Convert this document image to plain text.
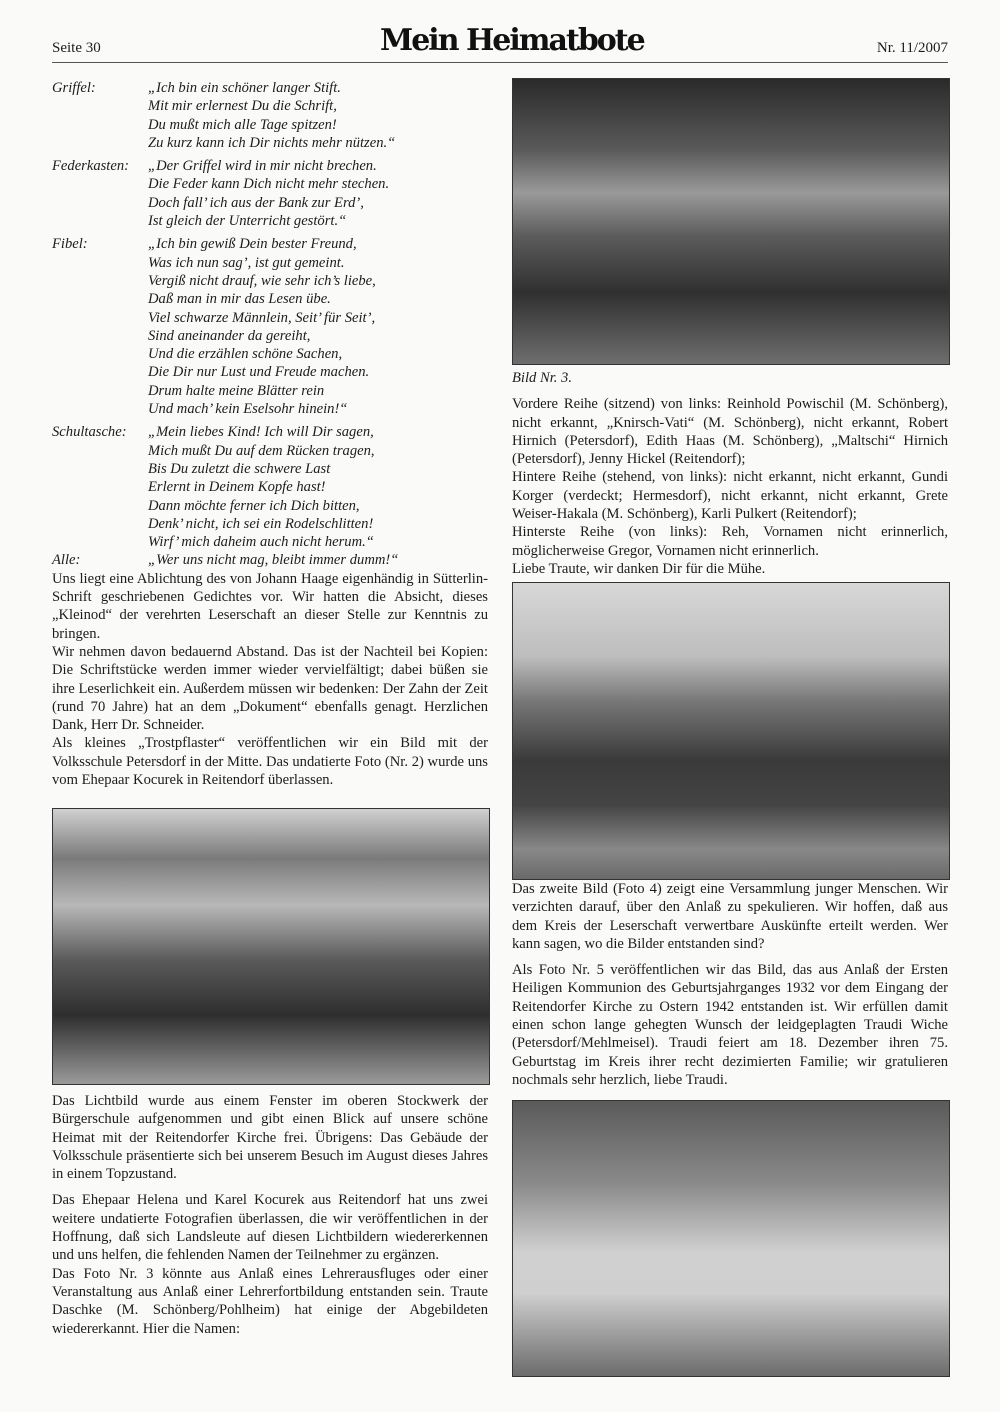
Seite 30	Mein Heimatbote	Nr. 11/2007
Griffel:	„Ich bin ein schöner langer Stift.
Mit mir erlernest Du die Schrift,
Du mußt mich alle Tage spitzen!
Zu kurz kann ich Dir nichts mehr nützen.“
Federkasten:	„Der Griffel wird in mir nicht brechen.
Die Feder kann Dich nicht mehr stechen.
Doch fall’ ich aus der Bank zur Erd’,
Ist gleich der Unterricht gestört.“
Fibel:	„Ich bin gewiß Dein bester Freund,
Was ich nun sag’, ist gut gemeint.
Vergiß nicht drauf, wie sehr ich’s liebe,
Daß man in mir das Lesen übe.
Viel schwarze Männlein, Seit’ für Seit’,
Sind aneinander da gereiht,
Und die erzählen schöne Sachen,
Die Dir nur Lust und Freude machen.
Drum halte meine Blätter rein
Und mach’ kein Eselsohr hinein!“
Schultasche:	„Mein liebes Kind! Ich will Dir sagen,
Mich mußt Du auf dem Rücken tragen,
Bis Du zuletzt die schwere Last
Erlernt in Deinem Kopfe hast!
Dann möchte ferner ich Dich bitten,
Denk’ nicht, ich sei ein Rodelschlitten!
Wirf’ mich daheim auch nicht herum.“
Alle:	„Wer uns nicht mag, bleibt immer dumm!“

Uns liegt eine Ablichtung des von Johann Haage eigenhändig in Sütterlin-Schrift geschriebenen Gedichtes vor. Wir hatten die Absicht, dieses „Kleinod“ der verehrten Leserschaft an dieser Stelle zur Kenntnis zu bringen.

Wir nehmen davon bedauernd Abstand. Das ist der Nachteil bei Kopien: Die Schriftstücke werden immer wieder vervielfältigt; dabei büßen sie ihre Leserlichkeit ein. Außerdem müssen wir bedenken: Der Zahn der Zeit (rund 70 Jahre) hat an dem „Dokument“ ebenfalls genagt. Herzlichen Dank, Herr Dr. Schneider.

Als kleines „Trostpflaster“ veröffentlichen wir ein Bild mit der Volksschule Petersdorf in der Mitte. Das undatierte Foto (Nr. 2) wurde uns vom Ehepaar Kocurek in Reitendorf überlassen.

Das Lichtbild wurde aus einem Fenster im oberen Stockwerk der Bürgerschule aufgenommen und gibt einen Blick auf unsere schöne Heimat mit der Reitendorfer Kirche frei. Übrigens: Das Gebäude der Volksschule präsentierte sich bei unserem Besuch im August dieses Jahres in einem Topzustand.

Das Ehepaar Helena und Karel Kocurek aus Reitendorf hat uns zwei weitere undatierte Fotografien überlassen, die wir veröffentlichen in der Hoffnung, daß sich Landsleute auf diesen Lichtbildern wiedererkennen und uns helfen, die fehlenden Namen der Teilnehmer zu ergänzen.

Das Foto Nr. 3 könnte aus Anlaß eines Lehrerausfluges oder einer Veranstaltung aus Anlaß einer Lehrerfortbildung entstanden sein. Traute Daschke (M. Schönberg/Pohlheim) hat einige der Abgebildeten wiedererkannt. Hier die Namen:

Bild Nr. 3.

Vordere Reihe (sitzend) von links: Reinhold Powischil (M. Schönberg), nicht erkannt, „Knirsch-Vati“ (M. Schönberg), nicht erkannt, Robert Hirnich (Petersdorf), Edith Haas (M. Schönberg), „Maltschi“ Hirnich (Petersdorf), Jenny Hickel (Reitendorf);

Hintere Reihe (stehend, von links): nicht erkannt, nicht erkannt, Gundi Korger (verdeckt; Hermesdorf), nicht erkannt, nicht erkannt, Grete Weiser-Hakala (M. Schönberg), Karli Pulkert (Reitendorf);

Hinterste Reihe (von links): Reh, Vornamen nicht erinnerlich, möglicherweise Gregor, Vornamen nicht erinnerlich.

Liebe Traute, wir danken Dir für die Mühe.

Das zweite Bild (Foto 4) zeigt eine Versammlung junger Menschen. Wir verzichten darauf, über den Anlaß zu spekulieren. Wir hoffen, daß aus dem Kreis der Leserschaft verwertbare Auskünfte erteilt werden. Wer kann sagen, wo die Bilder entstanden sind?

Als Foto Nr. 5 veröffentlichen wir das Bild, das aus Anlaß der Ersten Heiligen Kommunion des Geburtsjahrganges 1932 vor dem Eingang der Reitendorfer Kirche zu Ostern 1942 entstanden ist. Wir erfüllen damit einen schon lange gehegten Wunsch der leidgeplagten Traudi Wiche (Petersdorf/Mehlmeisel). Traudi feiert am 18. Dezember ihren 75. Geburtstag im Kreis ihrer recht dezimierten Familie; wir gratulieren nochmals sehr herzlich, liebe Traudi.
